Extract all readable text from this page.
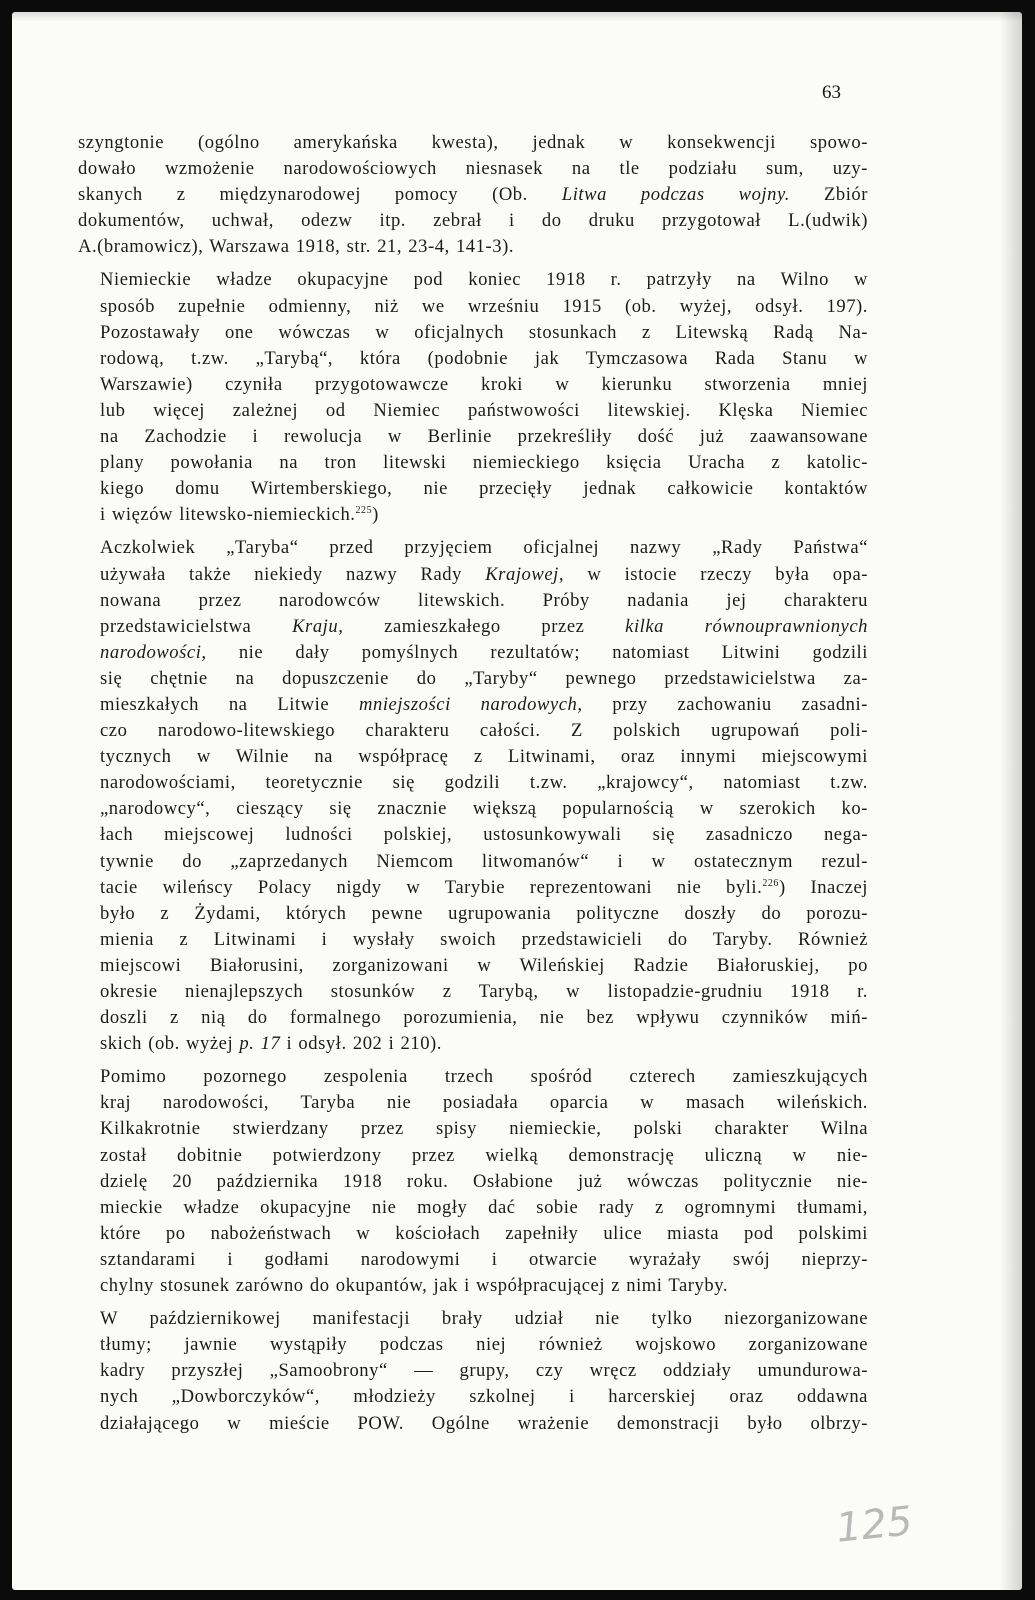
63
szyngtonie (ogólno amerykańska kwesta), jednak w konsekwencji spowo-
dowało wzmożenie narodowościowych niesnasek na tle podziału sum, uzy-
skanych z międzynarodowej pomocy (Ob. Litwa podczas wojny. Zbiór
dokumentów, uchwał, odezw itp. zebrał i do druku przygotował L.(udwik)
A.(bramowicz), Warszawa 1918, str. 21, 23-4, 141-3).
Niemieckie władze okupacyjne pod koniec 1918 r. patrzyły na Wilno w
sposób zupełnie odmienny, niż we wrześniu 1915 (ob. wyżej, odsył. 197).
Pozostawały one wówczas w oficjalnych stosunkach z Litewską Radą Na-
rodową, t.zw. „Tarybą“, która (podobnie jak Tymczasowa Rada Stanu w
Warszawie) czyniła przygotowawcze kroki w kierunku stworzenia mniej
lub więcej zależnej od Niemiec państwowości litewskiej. Klęska Niemiec
na Zachodzie i rewolucja w Berlinie przekreśliły dość już zaawansowane
plany powołania na tron litewski niemieckiego księcia Uracha z katolic-
kiego domu Wirtemberskiego, nie przecięły jednak całkowicie kontaktów
i więzów litewsko-niemieckich.$^{225}$)
Aczkolwiek „Taryba“ przed przyjęciem oficjalnej nazwy „Rady Państwa“
używała także niekiedy nazwy Rady Krajowej, w istocie rzeczy była opa-
nowana przez narodowców litewskich. Próby nadania jej charakteru
przedstawicielstwa Kraju, zamieszkałego przez kilka równouprawnionych
narodowości, nie dały pomyślnych rezultatów; natomiast Litwini godzili
się chętnie na dopuszczenie do „Taryby“ pewnego przedstawicielstwa za-
mieszkałych na Litwie mniejszości narodowych, przy zachowaniu zasadni-
czo narodowo-litewskiego charakteru całości. Z polskich ugrupowań poli-
tycznych w Wilnie na współpracę z Litwinami, oraz innymi miejscowymi
narodowościami, teoretycznie się godzili t.zw. „krajowcy“, natomiast t.zw.
„narodowcy“, cieszący się znacznie większą popularnością w szerokich ko-
łach miejscowej ludności polskiej, ustosunkowywali się zasadniczo nega-
tywnie do „zaprzedanych Niemcom litwomanów“ i w ostatecznym rezul-
tacie wileńscy Polacy nigdy w Tarybie reprezentowani nie byli.$^{226}$) Inaczej
było z Żydami, których pewne ugrupowania polityczne doszły do porozu-
mienia z Litwinami i wysłały swoich przedstawicieli do Taryby. Również
miejscowi Białorusini, zorganizowani w Wileńskiej Radzie Białoruskiej, po
okresie nienajlepszych stosunków z Tarybą, w listopadzie-grudniu 1918 r.
doszli z nią do formalnego porozumienia, nie bez wpływu czynników miń-
skich (ob. wyżej p. 17 i odsył. 202 i 210).
Pomimo pozornego zespolenia trzech spośród czterech zamieszkujących
kraj narodowości, Taryba nie posiadała oparcia w masach wileńskich.
Kilkakrotnie stwierdzany przez spisy niemieckie, polski charakter Wilna
został dobitnie potwierdzony przez wielką demonstrację uliczną w nie-
dzielę 20 października 1918 roku. Osłabione już wówczas politycznie nie-
mieckie władze okupacyjne nie mogły dać sobie rady z ogromnymi tłumami,
które po nabożeństwach w kościołach zapełniły ulice miasta pod polskimi
sztandarami i godłami narodowymi i otwarcie wyrażały swój nieprzy-
chylny stosunek zarówno do okupantów, jak i współpracującej z nimi Taryby.
W październikowej manifestacji brały udział nie tylko niezorganizowane
tłumy; jawnie wystąpiły podczas niej również wojskowo zorganizowane
kadry przyszłej „Samoobrony“ — grupy, czy wręcz oddziały umundurowa-
nych „Dowborczyków“, młodzieży szkolnej i harcerskiej oraz oddawna
działającego w mieście POW. Ogólne wrażenie demonstracji było olbrzy-
125
